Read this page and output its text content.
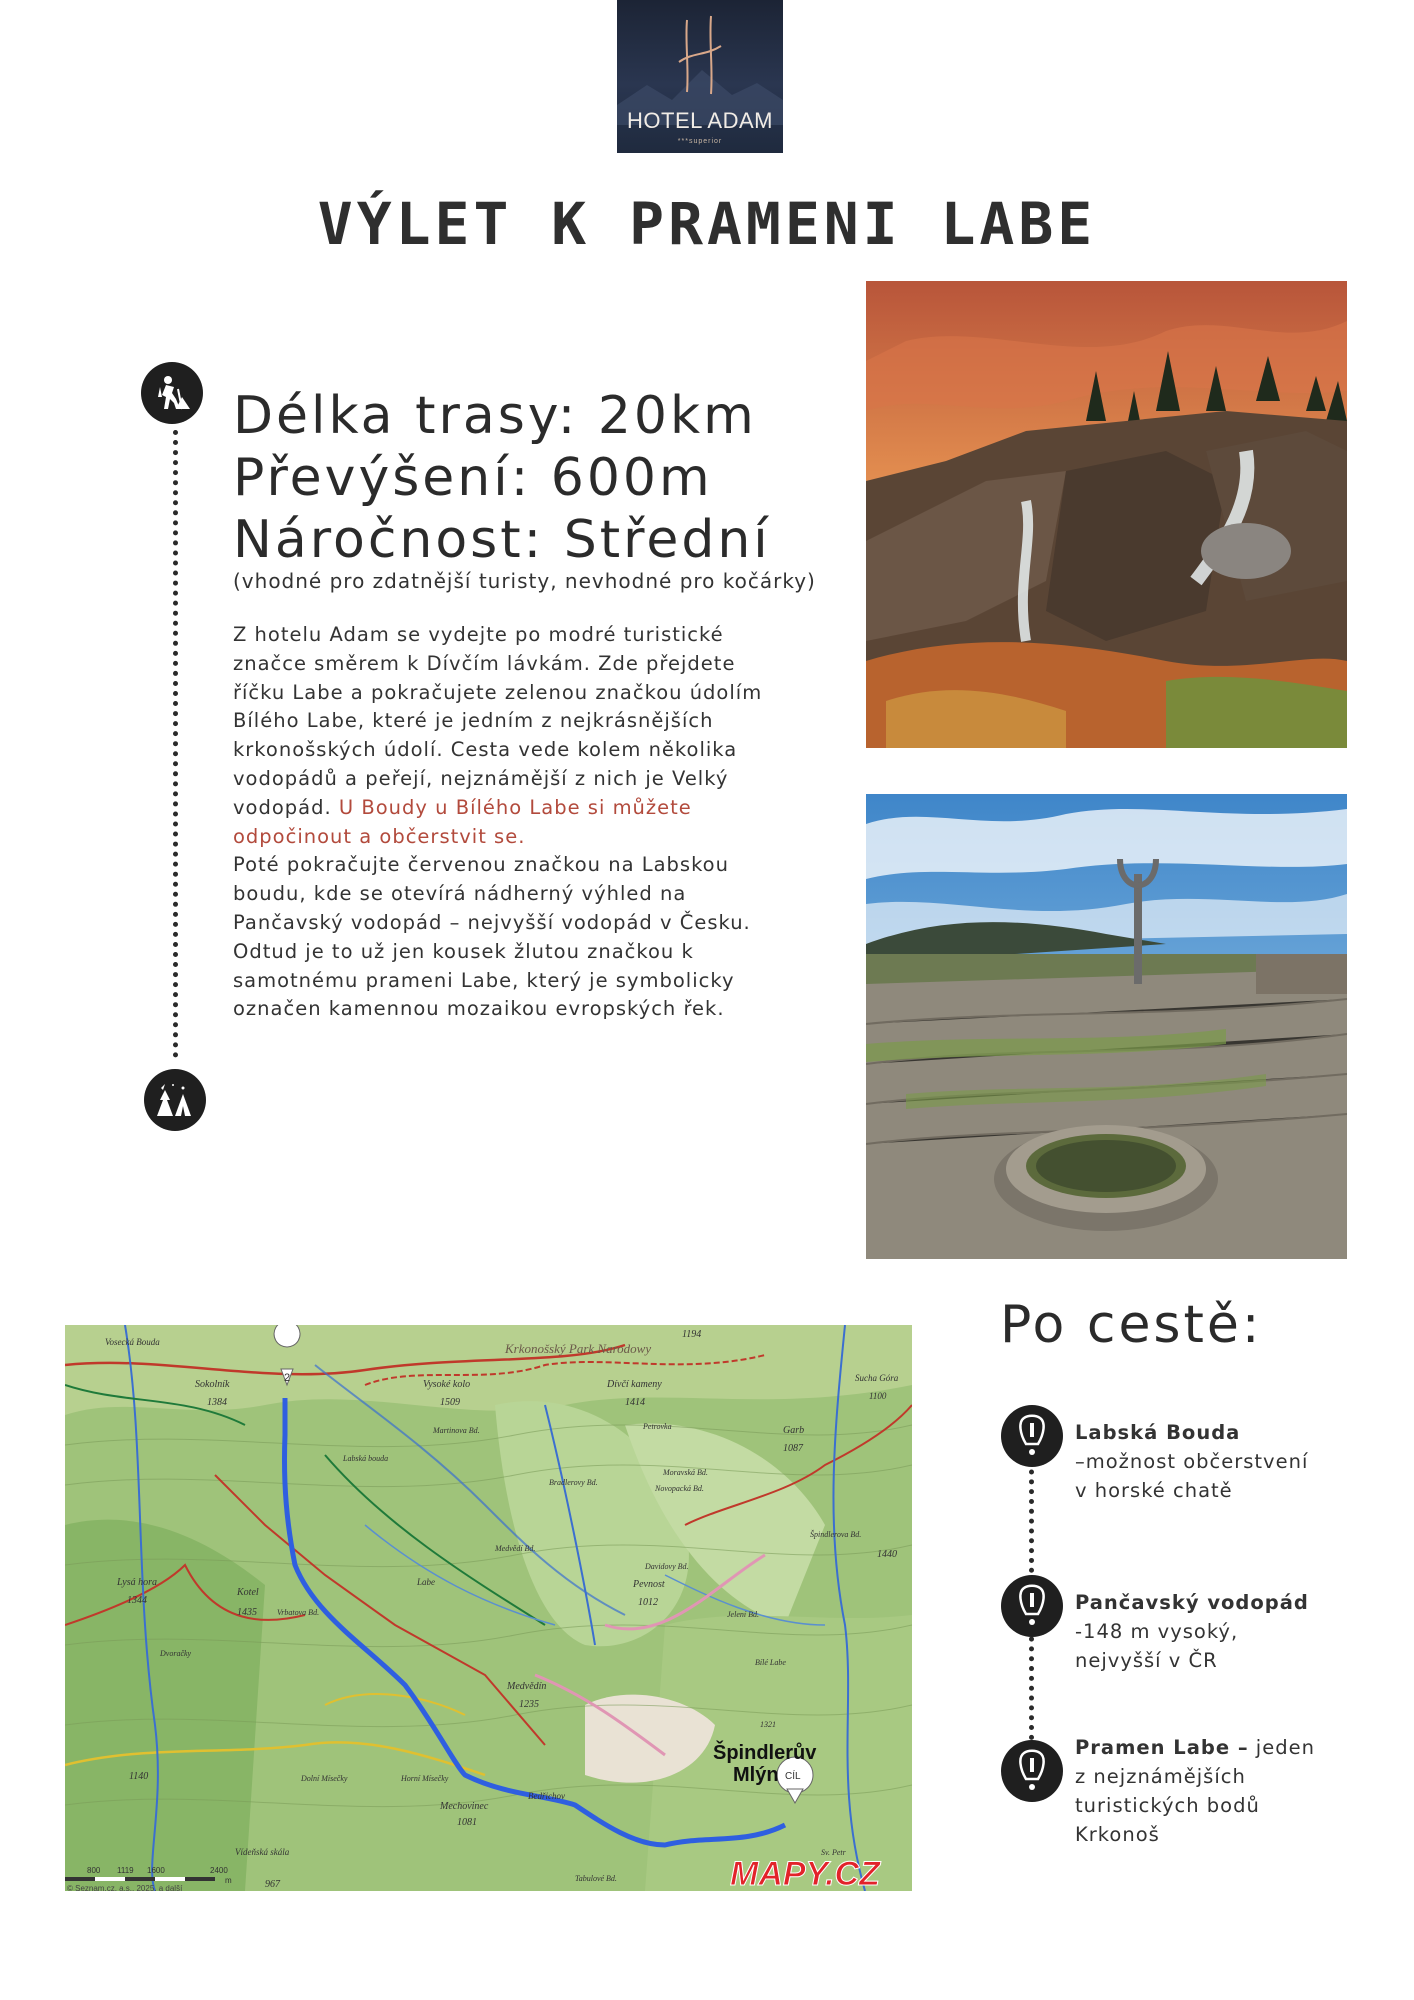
HOTEL ADAM
***superior
VÝLET K PRAMENI LABE
Délka trasy: 20km
Převýšení: 600m
Náročnost: Střední
(vhodné pro zdatnější turisty, nevhodné pro kočárky)
Z hotelu Adam se vydejte po modré turistické značce směrem k Dívčím lávkám. Zde přejdete říčku Labe a pokračujete zelenou značkou údolím Bílého Labe, které je jedním z nejkrásnějších krkonošských údolí. Cesta vede kolem několika vodopádů a peřejí, nejznámější z nich je Velký vodopád. U Boudy u Bílého Labe si můžete odpočinout a občerstvit se.
Poté pokračujte červenou značkou na Labskou boudu, kde se otevírá nádherný výhled na Pančavský vodopád – nejvyšší vodopád v Česku. Odtud je to už jen kousek žlutou značkou k samotnému prameni Labe, který je symbolicky označen kamennou mozaikou evropských řek.
2
CÍL
Krkonošský Park Narodowy
Vysoké kolo
1509
Dívčí kameny
1414
Sokolník
1384
Vosecká Bouda
Martinova Bd.	Petrovka
Labská bouda
Sucha Góra
1100
Garb
1087
Moravská Bd.
Novopacká Bd.
Bradlerovy Bd.
Špindlerova Bd.
1440
1194
Medvědí Bd.
Davidovy Bd.
Pevnost
1012
Jelení Bd.
Lysá hora
1344
Kotel
1435	Vrbatova Bd.
Dvoračky
Medvědín
1235
Bílé Labe
1321
Horní Mísečky
Dolní Mísečky
Mechovinec
1081
Bedřichov
Vídeňská skála
1140
967
Tabulové Bd.
Sv. Petr
Labe
Špindlerův
Mlýn
MAPY.CZ
800 1119 1600	2400
m
© Seznam.cz, a.s., 2025, a další
Po cestě:
Labská Bouda
–možnost občerstvení v horské chatě
Pančavský vodopád
-148 m vysoký, nejvyšší v ČR
Pramen Labe – jeden z nejznámějších turistických bodů Krkonoš
